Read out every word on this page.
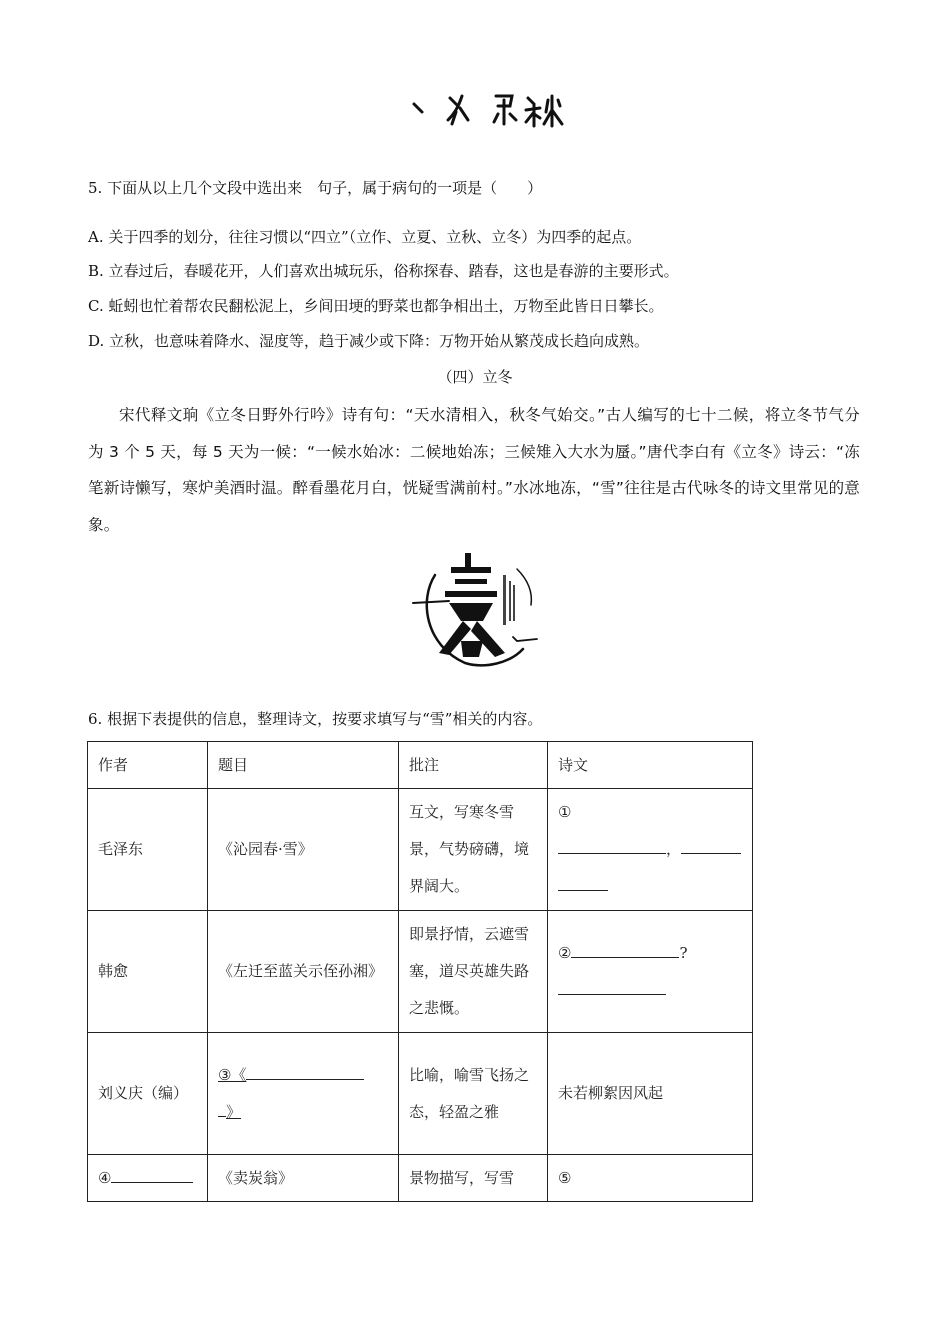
5. 下面从以上几个文段中选出来　句子，属于病句的一项是（　　）
A. 关于四季的划分，往往习惯以“四立”（立作、立夏、立秋、立冬）为四季的起点。
B. 立春过后，春暖花开，人们喜欢出城玩乐，俗称探春、踏春，这也是春游的主要形式。
C. 蚯蚓也忙着帮农民翻松泥上，乡间田埂的野菜也都争相出土，万物至此皆日日攀长。
D. 立秋，也意味着降水、湿度等，趋于减少或下降：万物开始从繁茂成长趋向成熟。
（四）立冬
宋代释文珦《立冬日野外行吟》诗有句：“天水清相入，秋冬气始交。”古人编写的七十二候，将立冬节气分为 3 个 5 天，每 5 天为一候：“一候水始冰：二候地始冻；三候雉入大水为蜃。”唐代李白有《立冬》诗云：“冻笔新诗懒写，寒炉美酒时温。醉看墨花月白，恍疑雪满前村。”水冰地冻，“雪”往往是古代咏冬的诗文里常见的意象。
立冬
6. 根据下表提供的信息，整理诗文，按要求填写与“雪”相关的内容。
作者	题目	批注	诗文
毛泽东	《沁园春·雪》	互文，写寒冬雪景，气势磅礴，境界阔大。	①
，

韩愈	《左迁至蓝关示侄孙湘》	即景抒情，云遮雪塞，道尽英雄失路之悲慨。	② ?

刘义庆（编）	③《
》	比喻，喻雪飞扬之态，轻盈之雅	未若柳絮因风起
④	《卖炭翁》	景物描写，写雪	⑤
